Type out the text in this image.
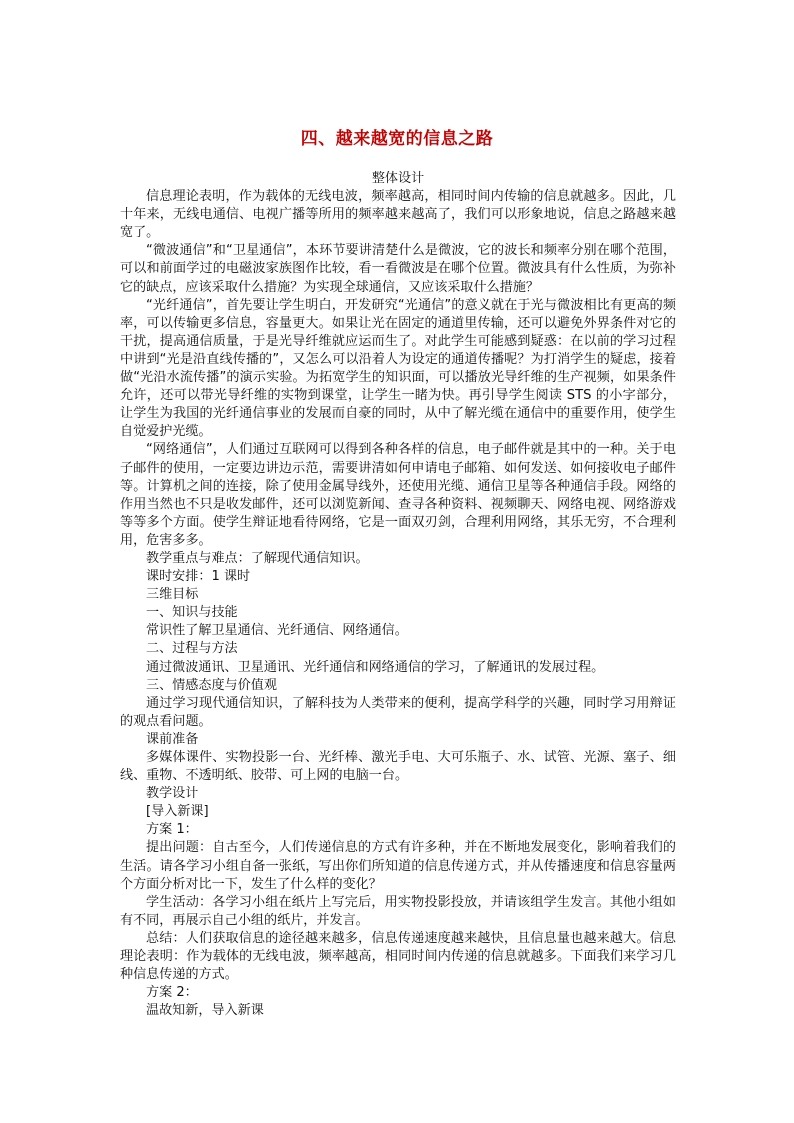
四、越来越宽的信息之路

整体设计

信息理论表明，作为载体的无线电波，频率越高，相同时间内传输的信息就越多。因此，几十年来，无线电通信、电视广播等所用的频率越来越高了，我们可以形象地说，信息之路越来越宽了。

“微波通信”和“卫星通信”，本环节要讲清楚什么是微波，它的波长和频率分别在哪个范围，可以和前面学过的电磁波家族图作比较，看一看微波是在哪个位置。微波具有什么性质，为弥补它的缺点，应该采取什么措施？为实现全球通信，又应该采取什么措施？

“光纤通信”，首先要让学生明白，开发研究“光通信”的意义就在于光与微波相比有更高的频率，可以传输更多信息，容量更大。如果让光在固定的通道里传输，还可以避免外界条件对它的干扰，提高通信质量，于是光导纤维就应运而生了。对此学生可能感到疑惑：在以前的学习过程中讲到“光是沿直线传播的”，又怎么可以沿着人为设定的通道传播呢？为打消学生的疑虑，接着做“光沿水流传播”的演示实验。为拓宽学生的知识面，可以播放光导纤维的生产视频，如果条件允许，还可以带光导纤维的实物到课堂，让学生一睹为快。再引导学生阅读 STS 的小字部分，让学生为我国的光纤通信事业的发展而自豪的同时，从中了解光缆在通信中的重要作用，使学生自觉爱护光缆。

“网络通信”，人们通过互联网可以得到各种各样的信息，电子邮件就是其中的一种。关于电子邮件的使用，一定要边讲边示范，需要讲清如何申请电子邮箱、如何发送、如何接收电子邮件等。计算机之间的连接，除了使用金属导线外，还使用光缆、通信卫星等各种通信手段。网络的作用当然也不只是收发邮件，还可以浏览新闻、查寻各种资料、视频聊天、网络电视、网络游戏等等多个方面。使学生辩证地看待网络，它是一面双刃剑，合理利用网络，其乐无穷，不合理利用，危害多多。

教学重点与难点：了解现代通信知识。

课时安排：1 课时

三维目标

一、知识与技能

常识性了解卫星通信、光纤通信、网络通信。

二、过程与方法

通过微波通讯、卫星通讯、光纤通信和网络通信的学习，了解通讯的发展过程。

三、情感态度与价值观

通过学习现代通信知识，了解科技为人类带来的便利，提高学科学的兴趣，同时学习用辩证的观点看问题。

课前准备

多媒体课件、实物投影一台、光纤棒、激光手电、大可乐瓶子、水、试管、光源、塞子、细线、重物、不透明纸、胶带、可上网的电脑一台。

教学设计

[导入新课]

方案 1：

提出问题：自古至今，人们传递信息的方式有许多种，并在不断地发展变化，影响着我们的生活。请各学习小组自备一张纸，写出你们所知道的信息传递方式，并从传播速度和信息容量两个方面分析对比一下，发生了什么样的变化？

学生活动：各学习小组在纸片上写完后，用实物投影投放，并请该组学生发言。其他小组如有不同，再展示自己小组的纸片，并发言。

总结：人们获取信息的途径越来越多，信息传递速度越来越快，且信息量也越来越大。信息理论表明：作为载体的无线电波，频率越高，相同时间内传递的信息就越多。下面我们来学习几种信息传递的方式。

方案 2：

温故知新，导入新课
